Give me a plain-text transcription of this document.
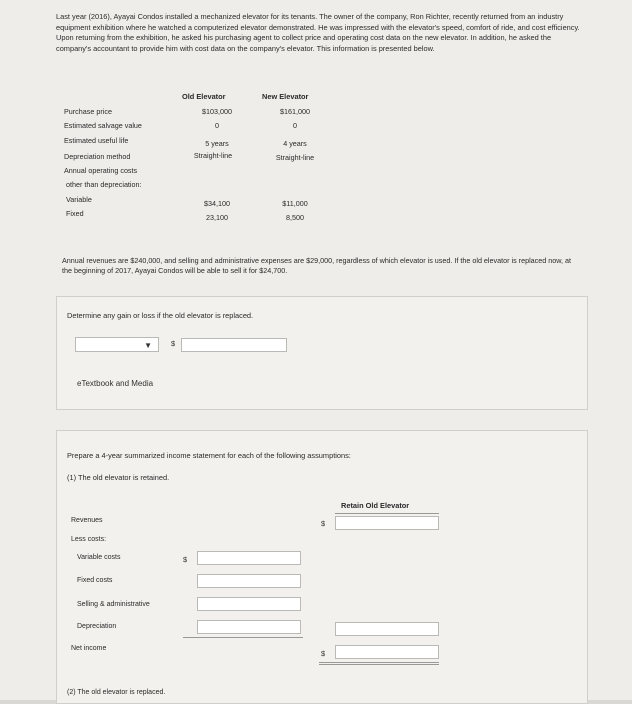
Last year (2016), Ayayai Condos installed a mechanized elevator for its tenants. The owner of the company, Ron Richter, recently returned from an industry equipment exhibition where he watched a computerized elevator demonstrated. He was impressed with the elevator's speed, comfort of ride, and cost efficiency. Upon returning from the exhibition, he asked his purchasing agent to collect price and operating cost data on the new elevator. In addition, he asked the company's accountant to provide him with cost data on the company's elevator. This information is presented below.
Old Elevator	New Elevator
Purchase price	$103,000	$161,000
Estimated salvage value	0	0
Estimated useful life	5 years	4 years
Depreciation method	Straight-line	Straight-line
Annual operating costs
other than depreciation:
Variable	$34,100	$11,000
Fixed	23,100	8,500
Annual revenues are $240,000, and selling and administrative expenses are $29,000, regardless of which elevator is used. If the old elevator is replaced now, at the beginning of 2017, Ayayai Condos will be able to sell it for $24,700.
Determine any gain or loss if the old elevator is replaced.
▼	$
eTextbook and Media
Prepare a 4-year summarized income statement for each of the following assumptions:
(1) The old elevator is retained.
Retain Old Elevator
Revenues	$
Less costs:
Variable costs	$
Fixed costs
Selling & administrative
Depreciation
Net income
$
(2) The old elevator is replaced.
